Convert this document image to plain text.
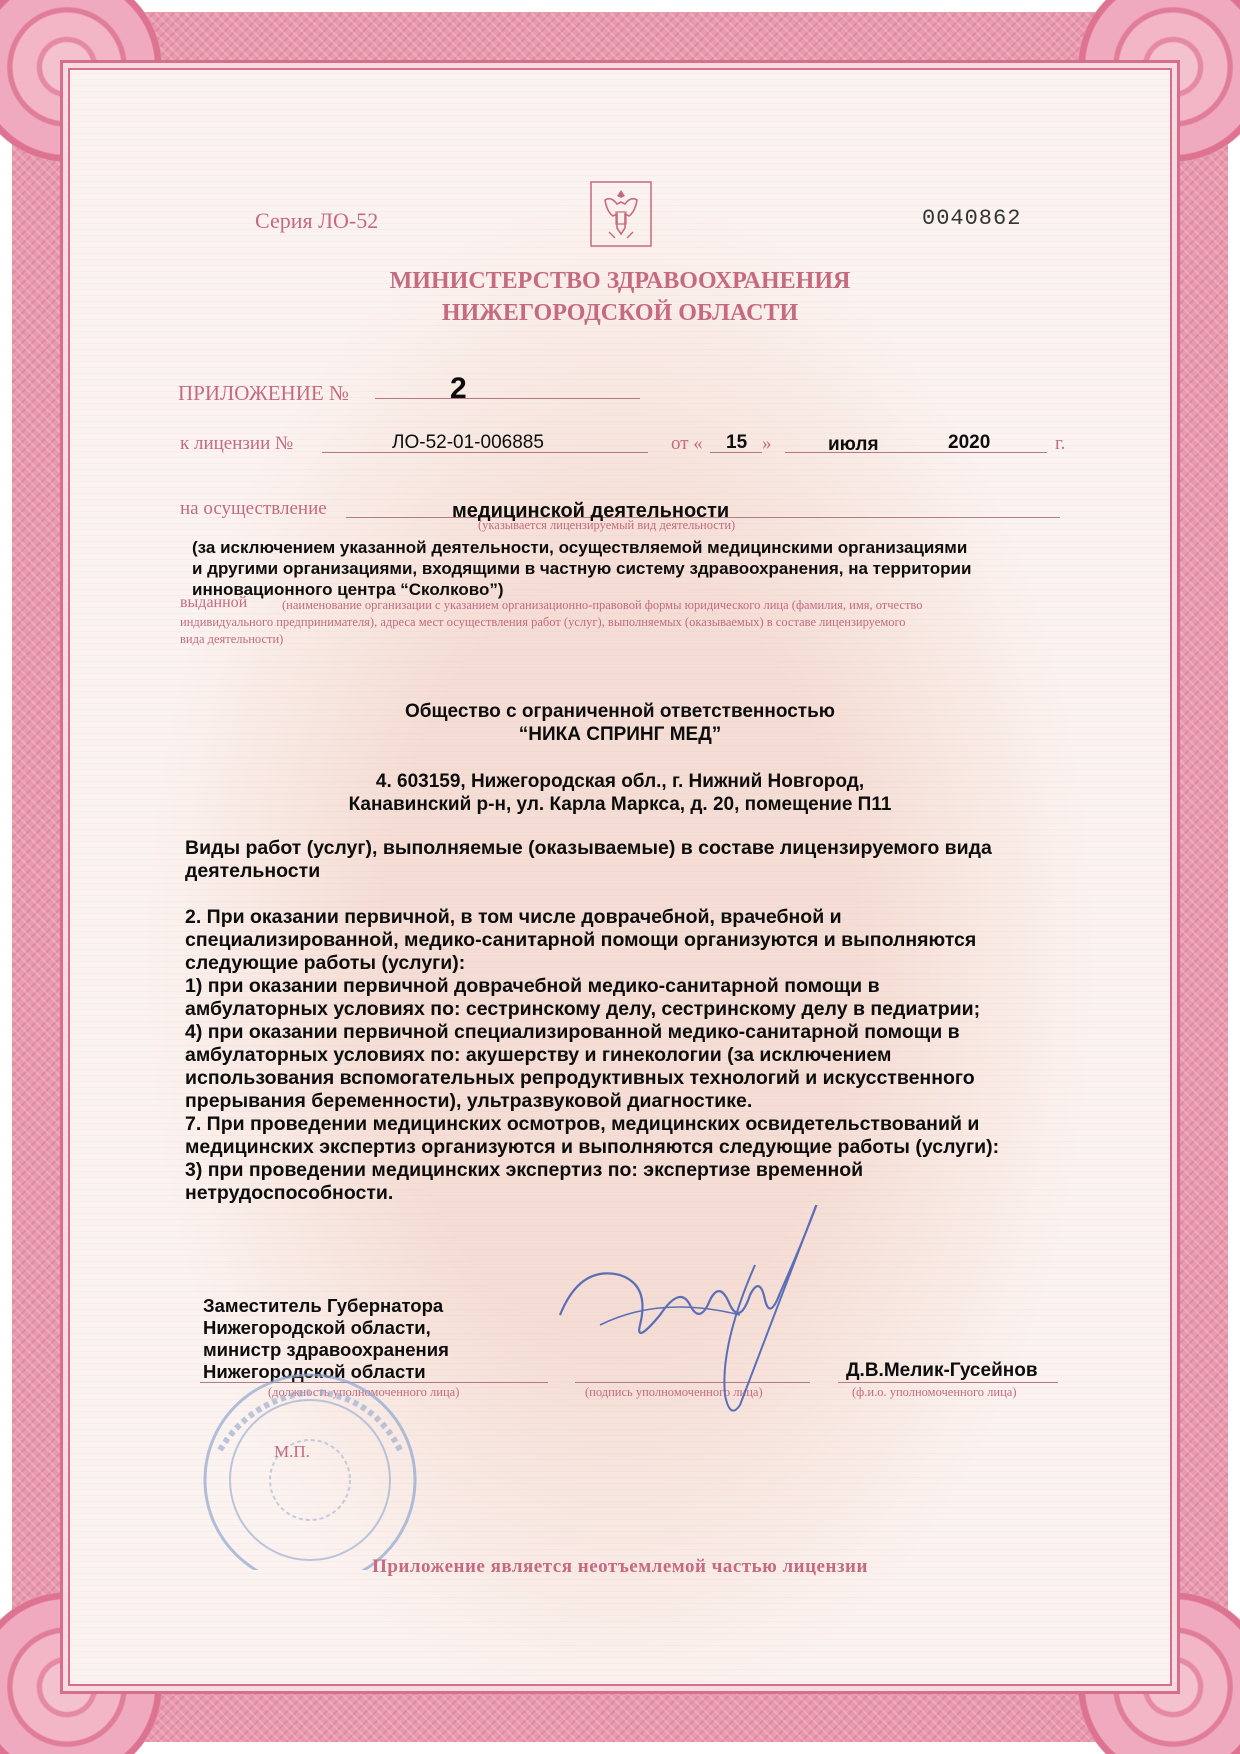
Серия ЛО-52	0040862
МИНИСТЕРСТВО ЗДРАВООХРАНЕНИЯ
НИЖЕГОРОДСКОЙ ОБЛАСТИ
ПРИЛОЖЕНИЕ №	2
к лицензии №	ЛО-52-01-006885	от « 15 »	июля	2020	г.
на осуществление	медицинской деятельности
(указывается лицензируемый вид деятельности)
(за исключением указанной деятельности, осуществляемой медицинскими организациями
и другими организациями, входящими в частную систему здравоохранения, на территории
инновационного центра “Сколково”)
выданной	(наименование организации с указанием организационно-правовой формы юридического лица (фамилия, имя, отчество
индивидуального предпринимателя), адреса мест осуществления работ (услуг), выполняемых (оказываемых) в составе лицензируемого
вида деятельности)
Общество с ограниченной ответственностью
“НИКА СПРИНГ МЕД”
4. 603159, Нижегородская обл., г. Нижний Новгород,
Канавинский р-н, ул. Карла Маркса, д. 20, помещение П11
Виды работ (услуг), выполняемые (оказываемые) в составе лицензируемого вида
деятельности
2. При оказании первичной, в том числе доврачебной, врачебной и
специализированной, медико-санитарной помощи организуются и выполняются
следующие работы (услуги):
1) при оказании первичной доврачебной медико-санитарной помощи в
амбулаторных условиях по: сестринскому делу, сестринскому делу в педиатрии;
4) при оказании первичной специализированной медико-санитарной помощи в
амбулаторных условиях по: акушерству и гинекологии (за исключением
использования вспомогательных репродуктивных технологий и искусственного
прерывания беременности), ультразвуковой диагностике.
7. При проведении медицинских осмотров, медицинских освидетельствований и
медицинских экспертиз организуются и выполняются следующие работы (услуги):
3) при проведении медицинских экспертиз по: экспертизе временной
нетрудоспособности.
Заместитель Губернатора
Нижегородской области,
министр здравоохранения
Нижегородской области
(должность уполномоченного лица)	(подпись уполномоченного лица)
Д.В.Мелик-Гусейнов
(ф.и.о. уполномоченного лица)
М.П.
Приложение является неотъемлемой частью лицензии
